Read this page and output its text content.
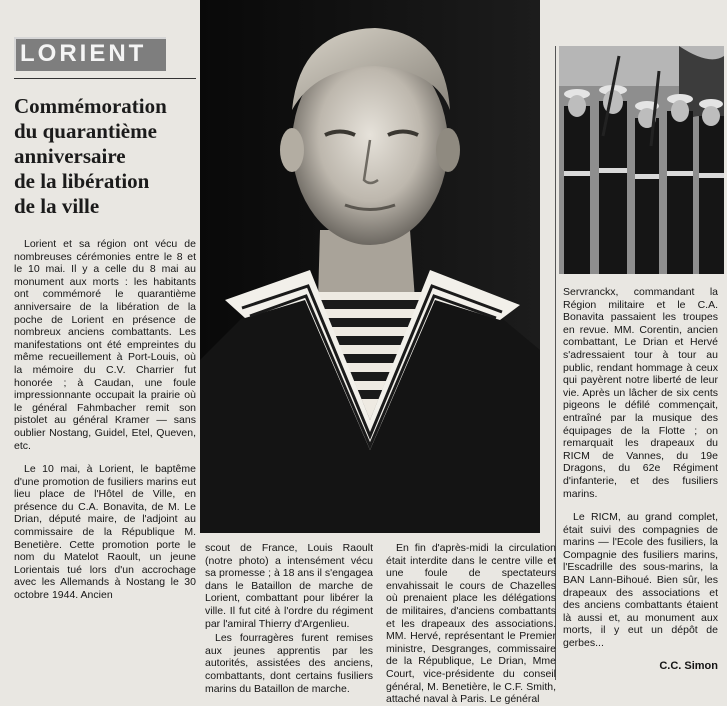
LORIENT
Commémoration
du quarantième
anniversaire
de la libération
de la ville

Lorient et sa région ont vécu de nombreuses cérémonies entre le 8 et le 10 mai. Il y a celle du 8 mai au monument aux morts : les habitants ont commémoré le quarantième anniversaire de la libération de la poche de Lorient en présence de nombreux anciens combattants. Les manifestations ont été empreintes du même recueillement à Port-Louis, où la mémoire du C.V. Charrier fut honorée ; à Caudan, une foule impressionnante occupait la prairie où le général Fahmbacher remit son pistolet au général Kramer — sans oublier Nostang, Guidel, Etel, Queven, etc.

Le 10 mai, à Lorient, le baptême d'une promotion de fusiliers marins eut lieu place de l'Hôtel de Ville, en présence du C.A. Bonavita, de M. Le Drian, député maire, de l'adjoint au commissaire de la République M. Benetière. Cette promotion porte le nom du Matelot Raoult, un jeune Lorientais tué lors d'un accrochage avec les Allemands à Nostang le 30 octobre 1944. Ancien

scout de France, Louis Raoult (notre photo) a intensément vécu sa promesse ; à 18 ans il s'engagea dans le Bataillon de marche de Lorient, combattant pour libérer la ville. Il fut cité à l'ordre du régiment par l'amiral Thierry d'Argenlieu.

Les fourragères furent remises aux jeunes apprentis par les autorités, assistées des anciens, combattants, dont certains fusiliers marins du Bataillon de marche.

En fin d'après-midi la circulation était interdite dans le centre ville et une foule de spectateurs envahissait le cours de Chazelles où prenaient place les délégations de militaires, d'anciens combattants et les drapeaux des associations. MM. Hervé, représentant le Premier ministre, Desgranges, commissaire de la République, Le Drian, Mme Court, vice-présidente du conseil général, M. Benetière, le C.F. Smith, attaché naval à Paris. Le général

Servranckx, commandant la Région militaire et le C.A. Bonavita passaient les troupes en revue. MM. Corentin, ancien combattant, Le Drian et Hervé s'adressaient tour à tour au public, rendant hommage à ceux qui payèrent notre liberté de leur vie. Après un lâcher de six cents pigeons le défilé commençait, entraîné par la musique des équipages de la Flotte ; on remarquait les drapeaux du RICM de Vannes, du 19e Dragons, du 62e Régiment d'infanterie, et des fusiliers marins.

Le RICM, au grand complet, était suivi des compagnies de marins — l'Ecole des fusiliers, la Compagnie des fusiliers marins, l'Escadrille des sous-marins, la BAN Lann-Bihoué. Bien sûr, les drapeaux des associations et des anciens combattants étaient là aussi et, au monument aux morts, il y eut un dépôt de gerbes...

C.C. Simon
